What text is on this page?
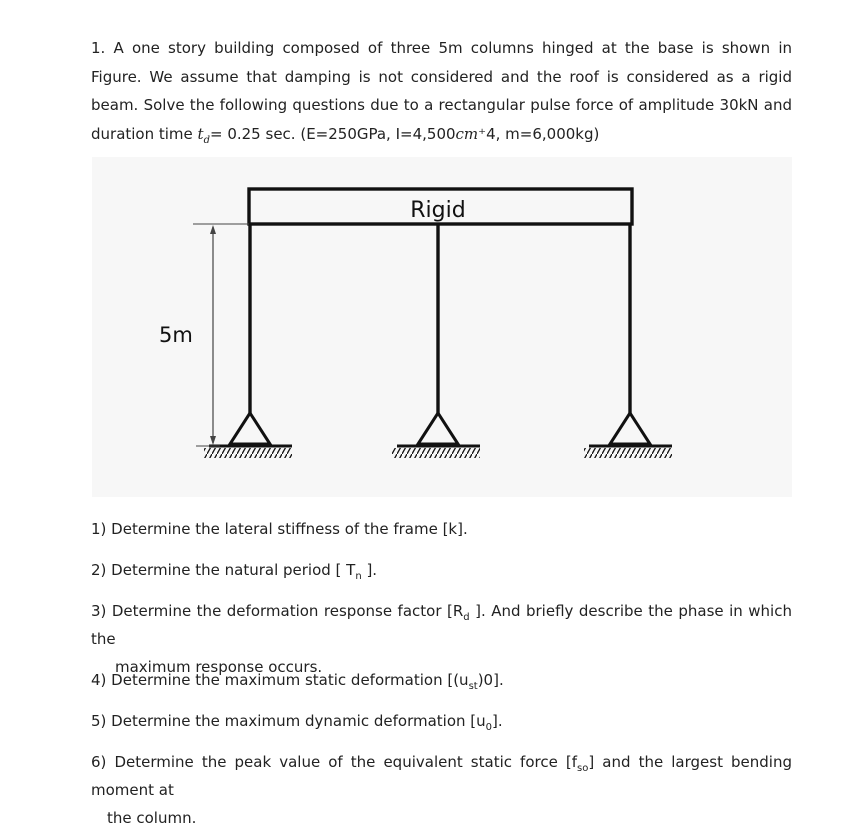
1. A one story building composed of three 5m columns hinged at the base is shown in Figure. We assume that damping is not considered and the roof is considered as a rigid beam. Solve the following questions due to a rectangular pulse force of amplitude 30kN and duration time $t_d= 0.25$ sec. (E=250GPa, I=4,500cm⁺4, m=6,000kg)

Rigid
5m

1) Determine the lateral stiffness of the frame [k].

2) Determine the natural period [ $T_n$ ].

3) Determine the deformation response factor [$R_d$ ]. And briefly describe the phase in which the
maximum response occurs.

4) Determine the maximum static deformation $[(u_{st})0]$.

5) Determine the maximum dynamic deformation $[u_0]$.

6) Determine the peak value of the equivalent static force $[f_{so}]$ and the largest bending moment at
the column.
